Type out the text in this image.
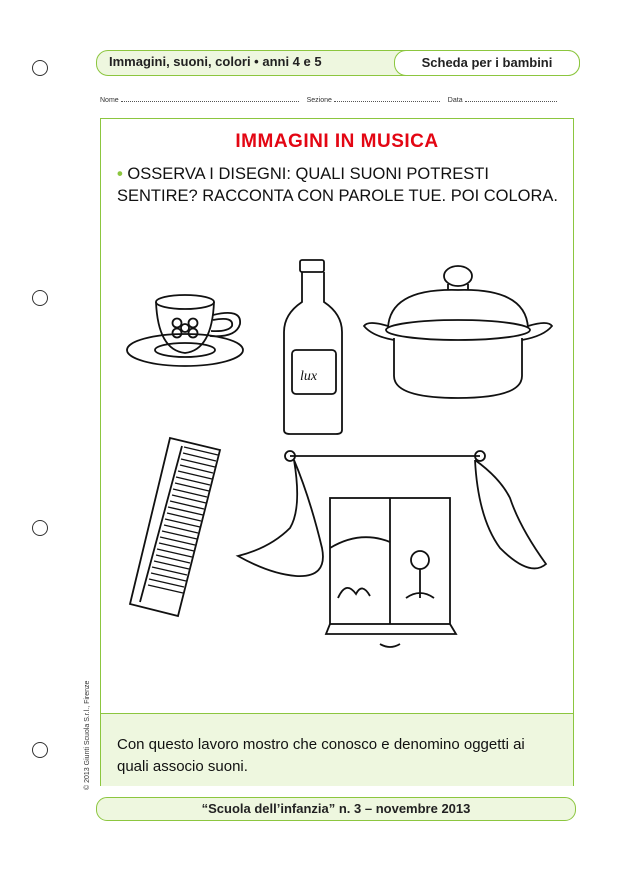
Immagini, suoni, colori • anni 4 e 5	Scheda per i bambini
Nome	Sezione	Data
IMMAGINI IN MUSICA
• OSSERVA I DISEGNI: QUALI SUONI POTRESTI SENTIRE? RACCONTA CON PAROLE TUE. POI COLORA.

Con questo lavoro mostro che conosco e denomino oggetti ai quali associo suoni.

lux
© 2013 Giunti Scuola S.r.l., Firenze
“Scuola dell’infanzia” n. 3 – novembre 2013
